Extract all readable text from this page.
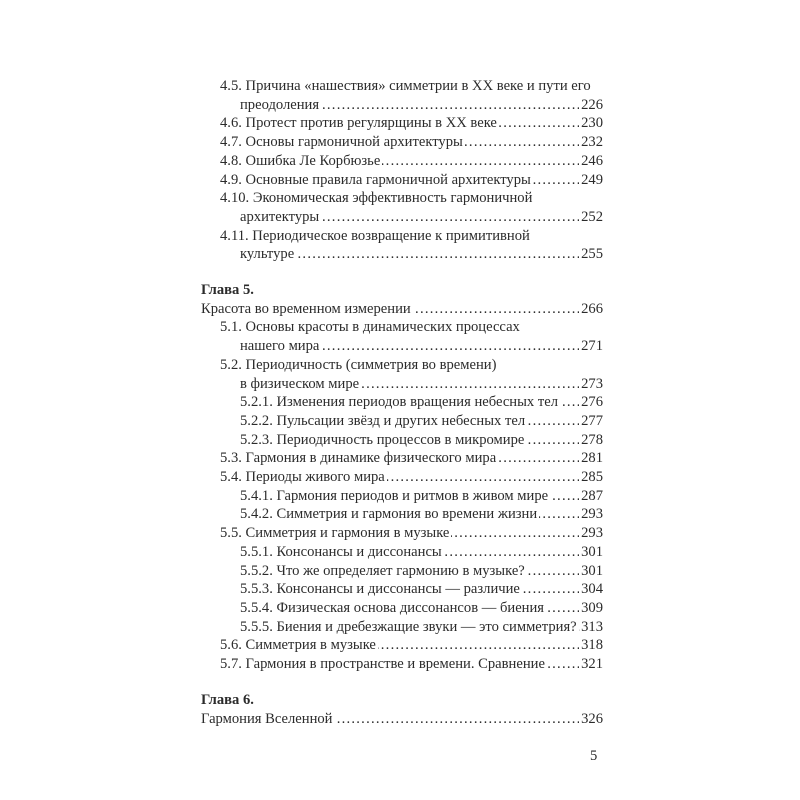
4.5. Причина «нашествия» симметрии в XX веке и пути его
преодоления . . .	226
4.6. Протест против регулярщины в XX веке . . .	230
4.7. Основы гармоничной архитектуры . . .	232
4.8. Ошибка Ле Корбюзье . . .	246
4.9. Основные правила гармоничной архитектуры . . .	249
4.10. Экономическая эффективность гармоничной
архитектуры . . .	252
4.11. Периодическое возвращение к примитивной
культуре . . .	255
Глава 5.
Красота во временном измерении . . .	266
5.1. Основы красоты в динамических процессах
нашего мира . . .	271
5.2. Периодичность (симметрия во времени)
в физическом мире . . .	273
5.2.1. Изменения периодов вращения небесных тел . . . 276
5.2.2. Пульсации звёзд и других небесных тел . . .	277
5.2.3. Периодичность процессов в микромире . . .	278
5.3. Гармония в динамике физического мира . . .	281
5.4. Периоды живого мира . . .	285
5.4.1. Гармония периодов и ритмов в живом мире . . . 287
5.4.2. Симметрия и гармония во времени жизни . . .	293
5.5. Симметрия и гармония в музыке . . .	293
5.5.1. Консонансы и диссонансы . . .	301
5.5.2. Что же определяет гармонию в музыке? . . .	301
5.5.3. Консонансы и диссонансы — различие . . .	304
5.5.4. Физическая основа диссонансов — биения . . .	309
5.5.5. Биения и дребезжащие звуки — это симметрия? . . . 313
5.6. Симметрия в музыке . . .	318
5.7. Гармония в пространстве и времени. Сравнение . . . 321
Глава 6.
Гармония Вселенной . . .	326
5
